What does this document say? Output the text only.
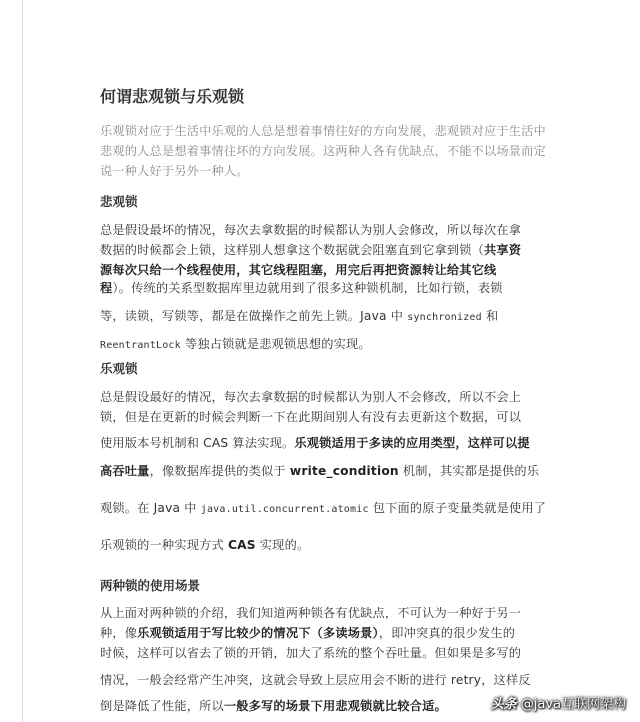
何谓悲观锁与乐观锁
乐观锁对应于生活中乐观的人总是想着事情往好的方向发展，悲观锁对应于生活中悲观的人总是想着事情往坏的方向发展。这两种人各有优缺点，不能不以场景而定说一种人好于另外一种人。
悲观锁
总是假设最坏的情况，每次去拿数据的时候都认为别人会修改，所以每次在拿
数据的时候都会上锁，这样别人想拿这个数据就会阻塞直到它拿到锁（共享资
源每次只给一个线程使用，其它线程阻塞，用完后再把资源转让给其它线
程）。传统的关系型数据库里边就用到了很多这种锁机制，比如行锁，表锁
等，读锁，写锁等，都是在做操作之前先上锁。Java 中 synchronized 和
ReentrantLock 等独占锁就是悲观锁思想的实现。
乐观锁
总是假设最好的情况，每次去拿数据的时候都认为别人不会修改，所以不会上
锁，但是在更新的时候会判断一下在此期间别人有没有去更新这个数据，可以
使用版本号机制和 CAS 算法实现。乐观锁适用于多读的应用类型，这样可以提
高吞吐量，像数据库提供的类似于 write_condition 机制，其实都是提供的乐
观锁。在 Java 中 java.util.concurrent.atomic 包下面的原子变量类就是使用了
乐观锁的一种实现方式 CAS 实现的。
两种锁的使用场景
从上面对两种锁的介绍，我们知道两种锁各有优缺点，不可认为一种好于另一
种，像乐观锁适用于写比较少的情况下（多读场景），即冲突真的很少发生的
时候，这样可以省去了锁的开销，加大了系统的整个吞吐量。但如果是多写的
情况，一般会经常产生冲突，这就会导致上层应用会不断的进行 retry，这样反
倒是降低了性能，所以一般多写的场景下用悲观锁就比较合适。	头条 @java互联网架构
